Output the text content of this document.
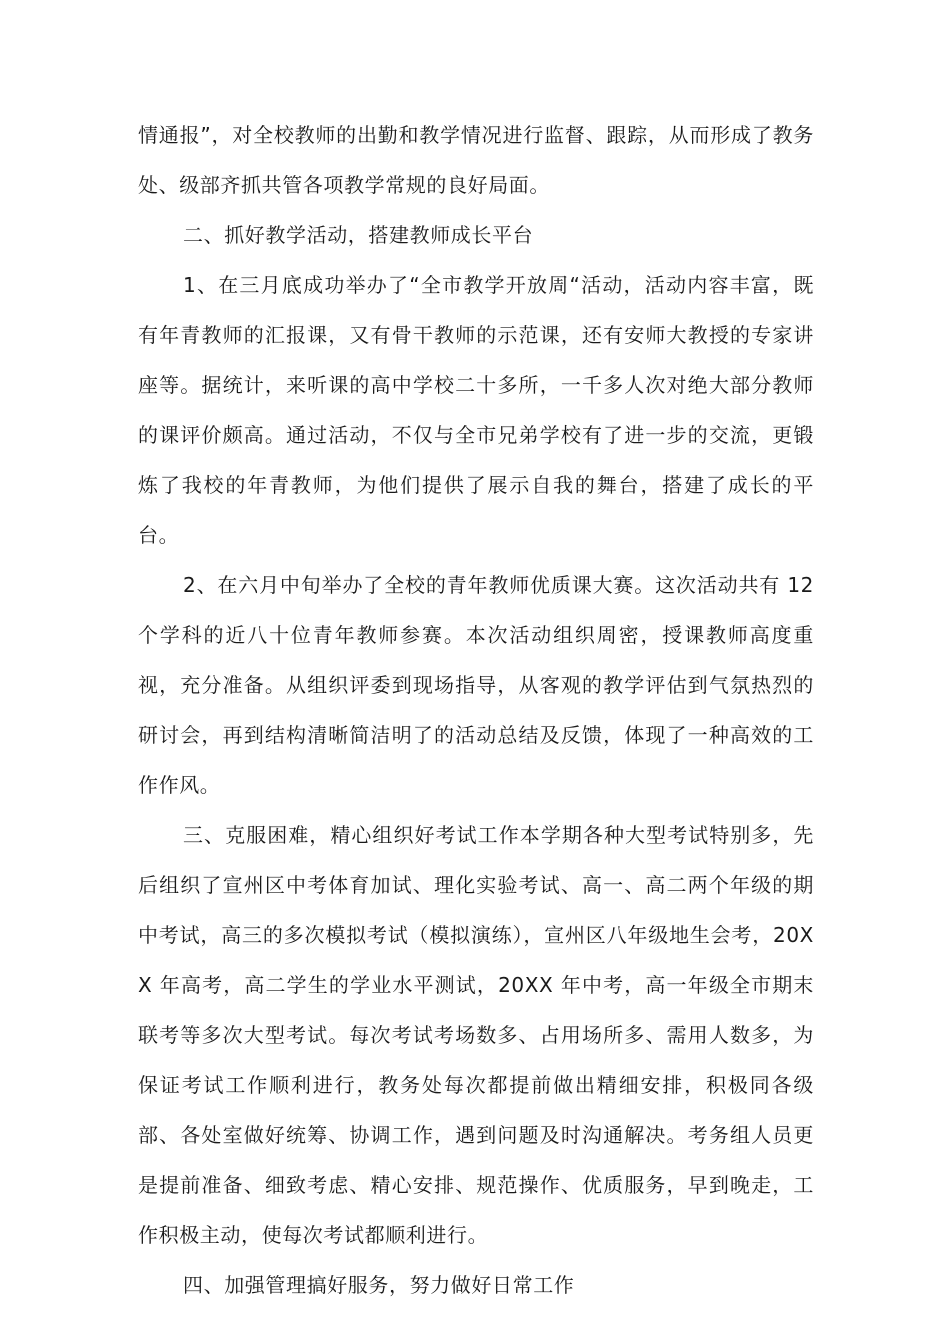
情通报”，对全校教师的出勤和教学情况进行监督、跟踪，从而形成了教务处、级部齐抓共管各项教学常规的良好局面。

二、抓好教学活动，搭建教师成长平台

1、在三月底成功举办了“全市教学开放周“活动，活动内容丰富，既有年青教师的汇报课，又有骨干教师的示范课，还有安师大教授的专家讲座等。据统计，来听课的高中学校二十多所，一千多人次对绝大部分教师的课评价颇高。通过活动，不仅与全市兄弟学校有了进一步的交流，更锻炼了我校的年青教师，为他们提供了展示自我的舞台，搭建了成长的平台。

2、在六月中旬举办了全校的青年教师优质课大赛。这次活动共有 12 个学科的近八十位青年教师参赛。本次活动组织周密，授课教师高度重视，充分准备。从组织评委到现场指导，从客观的教学评估到气氛热烈的研讨会，再到结构清晰简洁明了的活动总结及反馈，体现了一种高效的工作作风。

三、克服困难，精心组织好考试工作本学期各种大型考试特别多，先后组织了宣州区中考体育加试、理化实验考试、高一、高二两个年级的期中考试，高三的多次模拟考试（模拟演练），宣州区八年级地生会考，20XX 年高考，高二学生的学业水平测试，20XX 年中考，高一年级全市期末联考等多次大型考试。每次考试考场数多、占用场所多、需用人数多，为保证考试工作顺利进行，教务处每次都提前做出精细安排，积极同各级部、各处室做好统筹、协调工作，遇到问题及时沟通解决。考务组人员更是提前准备、细致考虑、精心安排、规范操作、优质服务，早到晚走，工作积极主动，使每次考试都顺利进行。

四、加强管理搞好服务，努力做好日常工作
